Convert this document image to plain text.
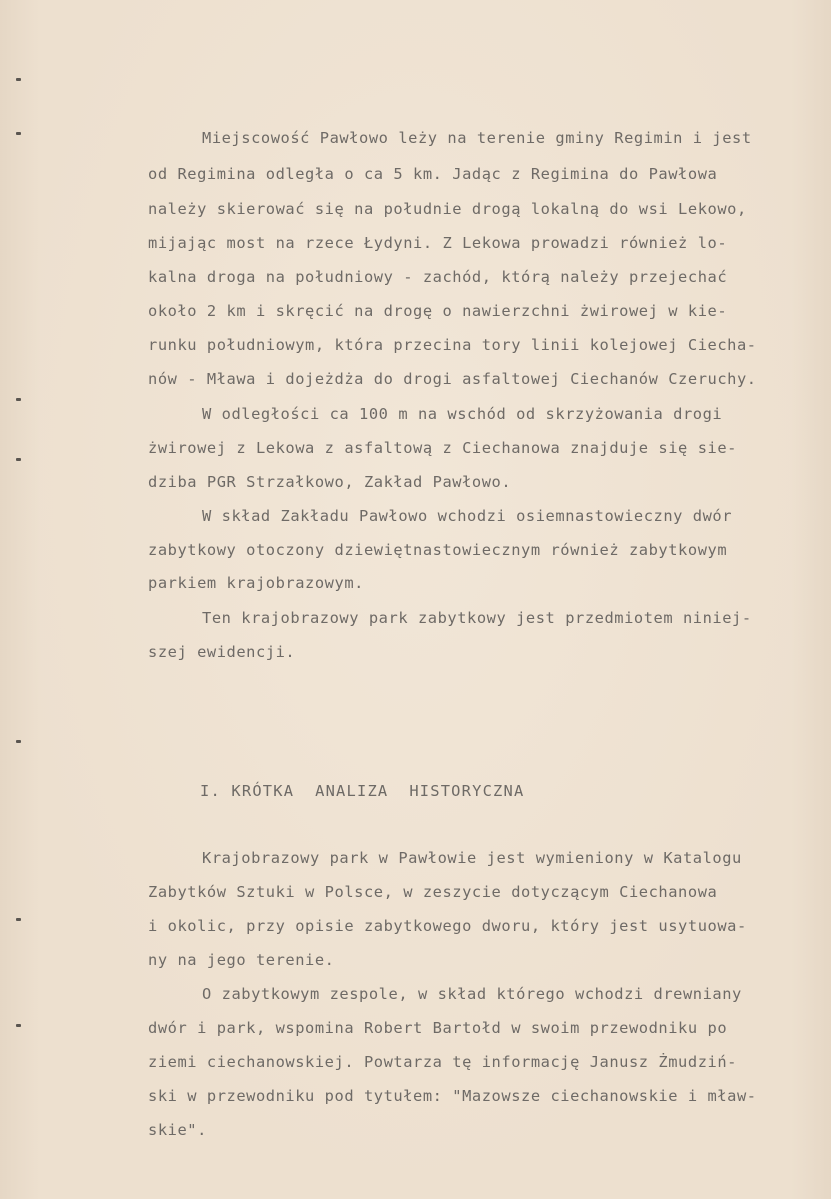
Miejscowość Pawłowo leży na terenie gminy Regimin i jest
od Regimina odległa o ca 5 km. Jadąc z Regimina do Pawłowa
należy skierować się na południe drogą lokalną do wsi Lekowo,
mijając most na rzece Łydyni. Z Lekowa prowadzi również lo-
kalna droga na południowy - zachód, którą należy przejechać
około 2 km i skręcić na drogę o nawierzchni żwirowej w kie-
runku południowym, która przecina tory linii kolejowej Ciecha-
nów - Mława i dojeżdża do drogi asfaltowej Ciechanów Czeruchy.
W odległości ca 100 m na wschód od skrzyżowania drogi
żwirowej z Lekowa z asfaltową z Ciechanowa znajduje się sie-
dziba PGR Strzałkowo, Zakład Pawłowo.
W skład Zakładu Pawłowo wchodzi osiemnastowieczny dwór
zabytkowy otoczony dziewiętnastowiecznym również zabytkowym
parkiem krajobrazowym.
Ten krajobrazowy park zabytkowy jest przedmiotem niniej-
szej ewidencji.
I. KRÓTKA  ANALIZA  HISTORYCZNA
Krajobrazowy park w Pawłowie jest wymieniony w Katalogu
Zabytków Sztuki w Polsce, w zeszycie dotyczącym Ciechanowa
i okolic, przy opisie zabytkowego dworu, który jest usytuowa-
ny na jego terenie.
O zabytkowym zespole, w skład którego wchodzi drewniany
dwór i park, wspomina Robert Bartołd w swoim przewodniku po
ziemi ciechanowskiej. Powtarza tę informację Janusz Żmudziń-
ski w przewodniku pod tytułem: "Mazowsze ciechanowskie i mław-
skie".
